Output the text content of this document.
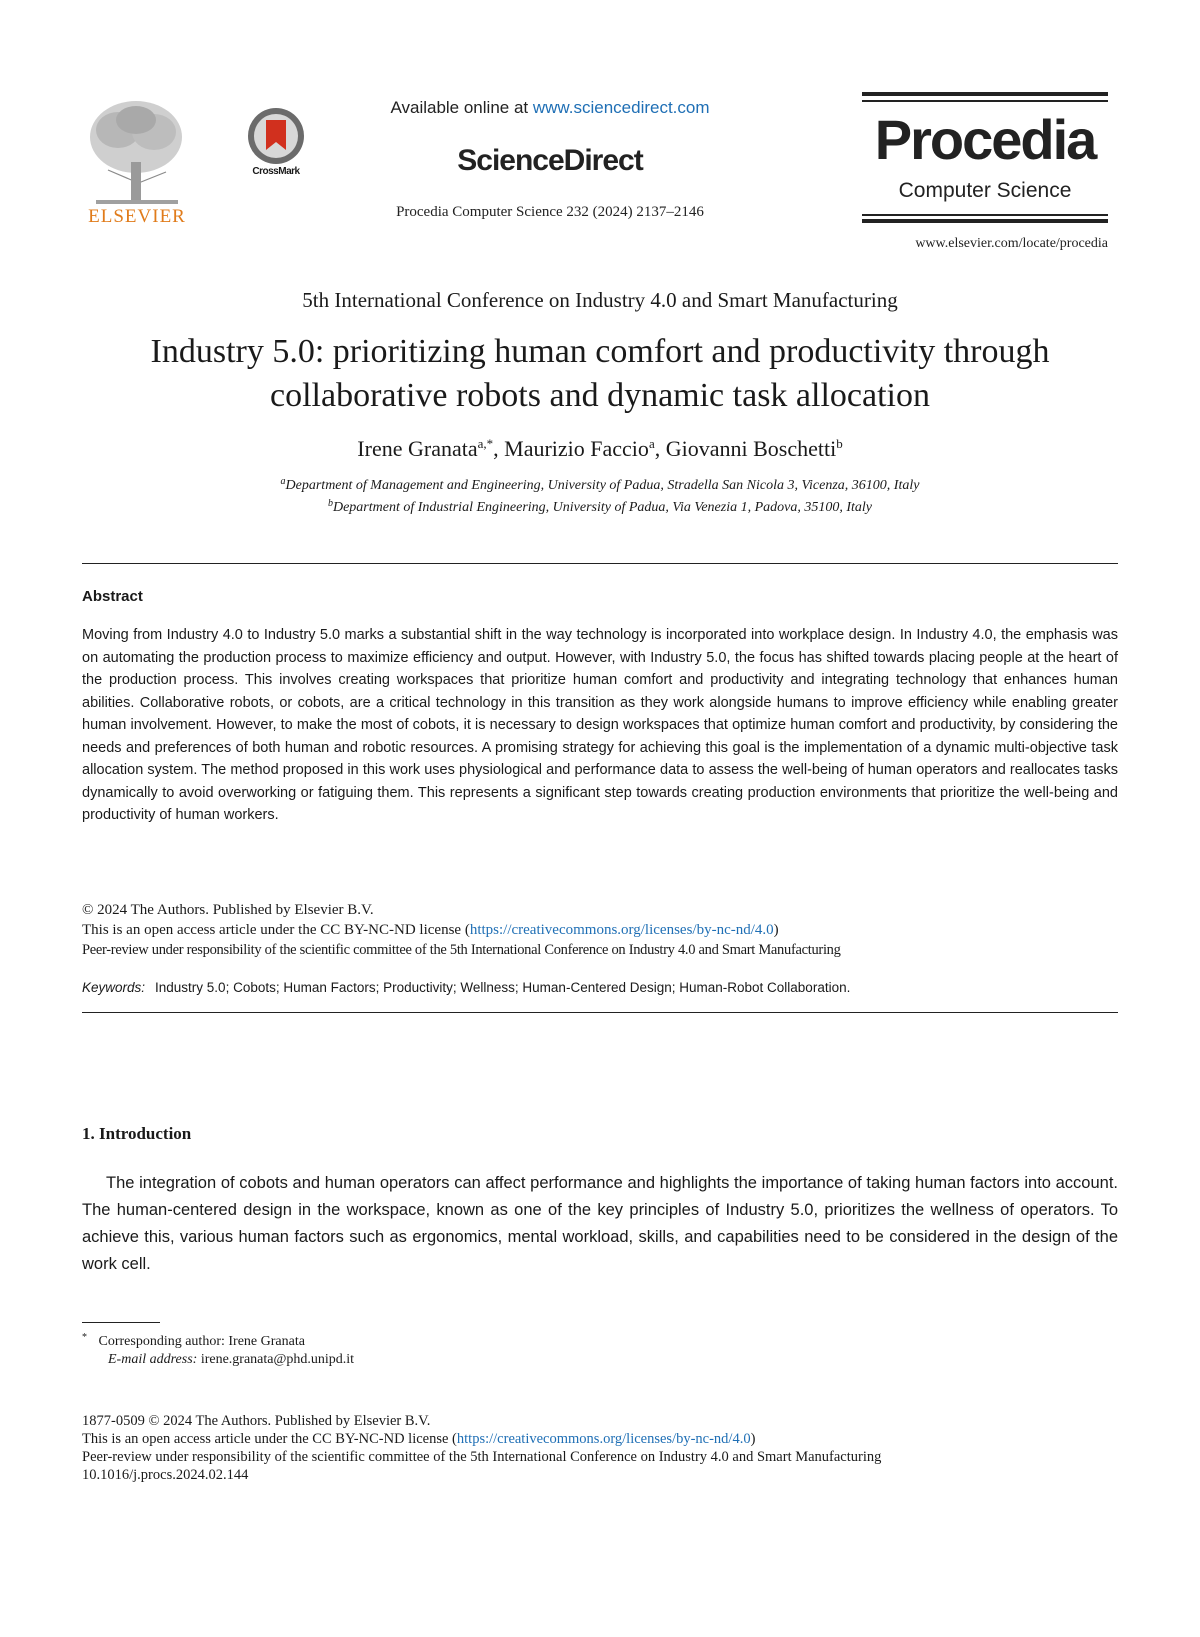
ELSEVIER
CrossMark
Available online at www.sciencedirect.com
ScienceDirect
Procedia Computer Science 232 (2024) 2137–2146
Procedia
Computer Science
www.elsevier.com/locate/procedia
5th International Conference on Industry 4.0 and Smart Manufacturing
Industry 5.0: prioritizing human comfort and productivity through
collaborative robots and dynamic task allocation
Irene Granata$^{a,*}$, Maurizio Faccio$^a$, Giovanni Boschetti$^b$
$^a$Department of Management and Engineering, University of Padua, Stradella San Nicola 3, Vicenza, 36100, Italy
$^b$Department of Industrial Engineering, University of Padua, Via Venezia 1, Padova, 35100, Italy
Abstract
Moving from Industry 4.0 to Industry 5.0 marks a substantial shift in the way technology is incorporated into workplace design. In Industry 4.0, the emphasis was on automating the production process to maximize efficiency and output. However, with Industry 5.0, the focus has shifted towards placing people at the heart of the production process. This involves creating workspaces that prioritize human comfort and productivity and integrating technology that enhances human abilities. Collaborative robots, or cobots, are a critical technology in this transition as they work alongside humans to improve efficiency while enabling greater human involvement. However, to make the most of cobots, it is necessary to design workspaces that optimize human comfort and productivity, by considering the needs and preferences of both human and robotic resources. A promising strategy for achieving this goal is the implementation of a dynamic multi-objective task allocation system. The method proposed in this work uses physiological and performance data to assess the well-being of human operators and reallocates tasks dynamically to avoid overworking or fatiguing them. This represents a significant step towards creating production environments that prioritize the well-being and productivity of human workers.
© 2024 The Authors. Published by Elsevier B.V.
This is an open access article under the CC BY-NC-ND license (https://creativecommons.org/licenses/by-nc-nd/4.0)
Peer-review under responsibility of the scientific committee of the 5th International Conference on Industry 4.0 and Smart Manufacturing
Keywords: Industry 5.0; Cobots; Human Factors; Productivity; Wellness; Human-Centered Design; Human-Robot Collaboration.
1. Introduction
The integration of cobots and human operators can affect performance and highlights the importance of taking human factors into account. The human-centered design in the workspace, known as one of the key principles of Industry 5.0, prioritizes the wellness of operators. To achieve this, various human factors such as ergonomics, mental workload, skills, and capabilities need to be considered in the design of the work cell.
* Corresponding author: Irene Granata
E-mail address: irene.granata@phd.unipd.it
1877-0509 © 2024 The Authors. Published by Elsevier B.V.
This is an open access article under the CC BY-NC-ND license (https://creativecommons.org/licenses/by-nc-nd/4.0)
Peer-review under responsibility of the scientific committee of the 5th International Conference on Industry 4.0 and Smart Manufacturing
10.1016/j.procs.2024.02.144
